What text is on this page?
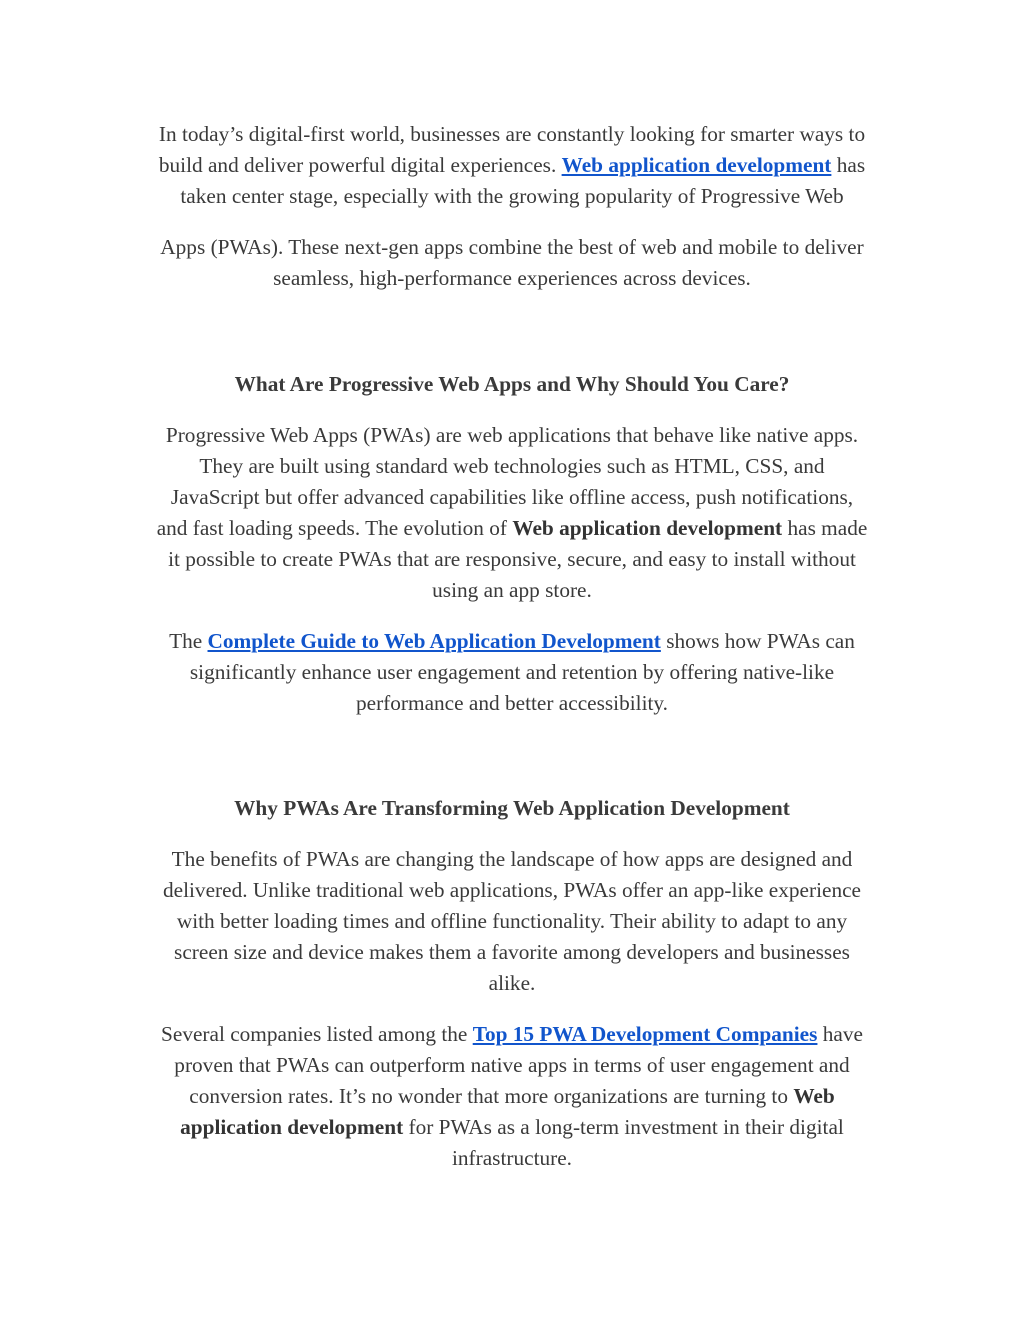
In today’s digital-first world, businesses are constantly looking for smarter ways to
build and deliver powerful digital experiences. Web application development has
taken center stage, especially with the growing popularity of Progressive Web

Apps (PWAs). These next-gen apps combine the best of web and mobile to deliver
seamless, high-performance experiences across devices.

What Are Progressive Web Apps and Why Should You Care?

Progressive Web Apps (PWAs) are web applications that behave like native apps.
They are built using standard web technologies such as HTML, CSS, and
JavaScript but offer advanced capabilities like offline access, push notifications,
and fast loading speeds. The evolution of Web application development has made
it possible to create PWAs that are responsive, secure, and easy to install without
using an app store.

The Complete Guide to Web Application Development shows how PWAs can
significantly enhance user engagement and retention by offering native-like
performance and better accessibility.

Why PWAs Are Transforming Web Application Development

The benefits of PWAs are changing the landscape of how apps are designed and
delivered. Unlike traditional web applications, PWAs offer an app-like experience
with better loading times and offline functionality. Their ability to adapt to any
screen size and device makes them a favorite among developers and businesses
alike.

Several companies listed among the Top 15 PWA Development Companies have
proven that PWAs can outperform native apps in terms of user engagement and
conversion rates. It’s no wonder that more organizations are turning to Web
application development for PWAs as a long-term investment in their digital
infrastructure.
